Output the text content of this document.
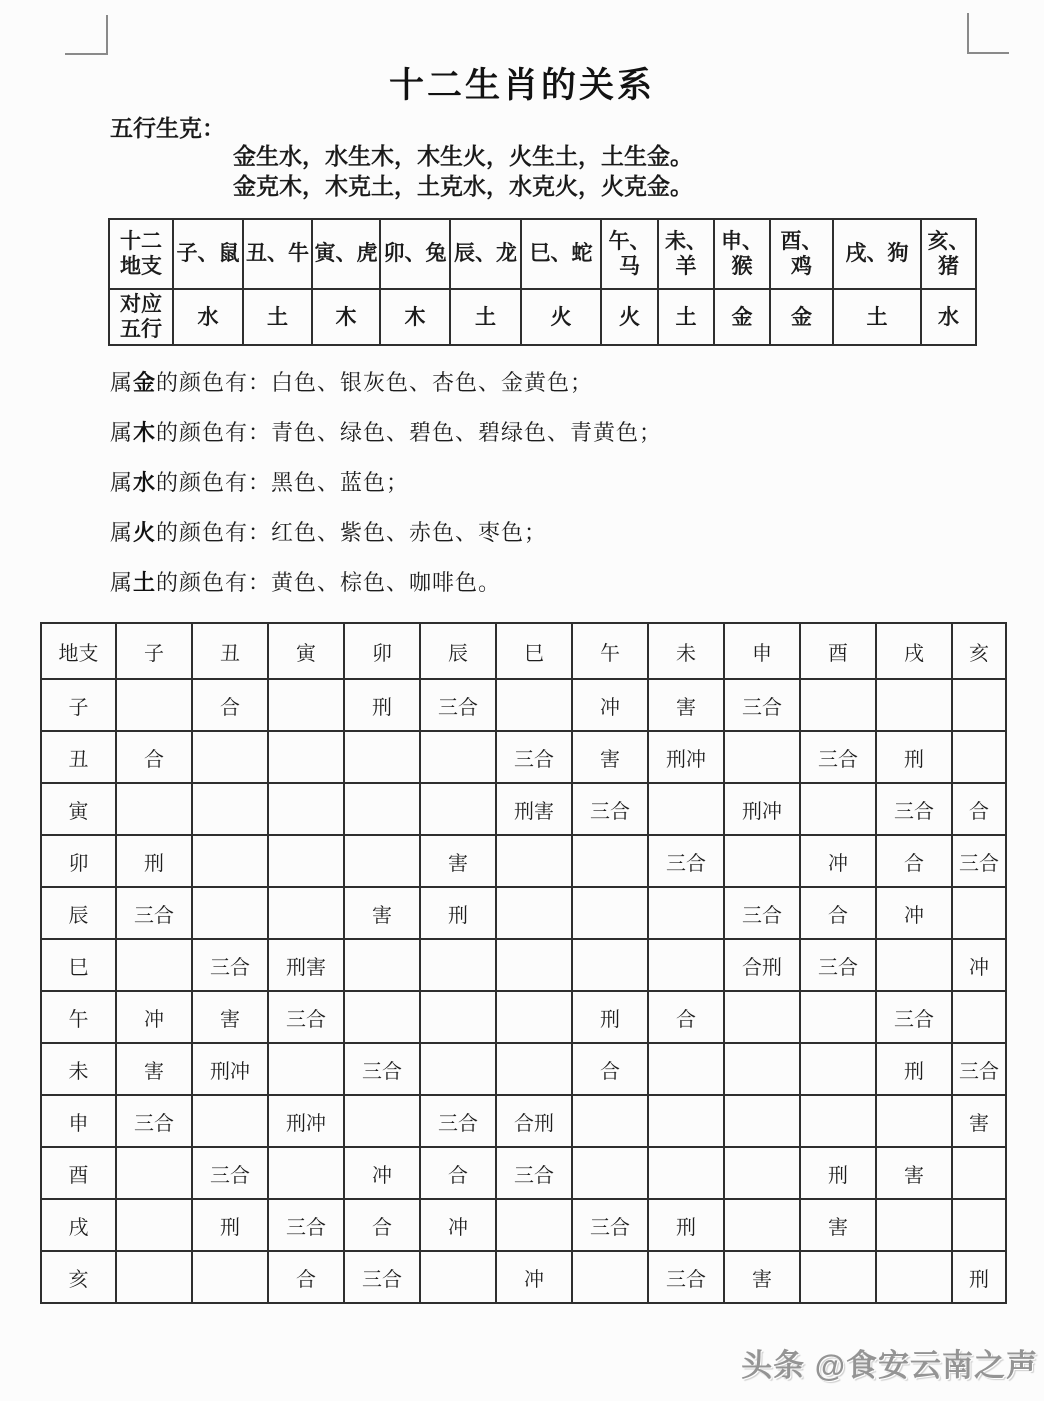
十二生肖的关系
五行生克：
金生水，水生木，木生火，火生土，土生金。
金克木，木克土，土克水，水克火，火克金。
十二地支	子、鼠	丑、牛	寅、虎	卯、兔	辰、龙	巳、蛇	午、马	未、羊	申、猴	酉、鸡	戌、狗	亥、猪
对应五行	水	土	木	木	土	火	火	土	金	金	土	水
属 金 的颜色有： 白色、银灰色、杏色、金黄色；
属 木 的颜色有： 青色、绿色、碧色、碧绿色、青黄色；
属 水 的颜色有： 黑色、蓝色；
属 火 的颜色有： 红色、紫色、赤色、枣色；
属 土 的颜色有： 黄色、棕色、咖啡色。
地支	子	丑	寅	卯	辰	巳	午	未	申	酉	戌	亥
子		合		刑	三合		冲	害	三合			
丑	合					三合	害	刑冲		三合	刑	
寅						刑害	三合		刑冲		三合	合
卯	刑				害			三合		冲	合	三合
辰	三合			害	刑				三合	合	冲	
巳		三合	刑害						合刑	三合		冲
午	冲	害	三合				刑	合			三合	
未	害	刑冲		三合			合				刑	三合
申	三合		刑冲		三合	合刑						害
酉		三合		冲	合	三合				刑	害	
戌		刑	三合	合	冲		三合	刑		害		
亥			合	三合		冲		三合	害			刑
头条 @食安云南之声
